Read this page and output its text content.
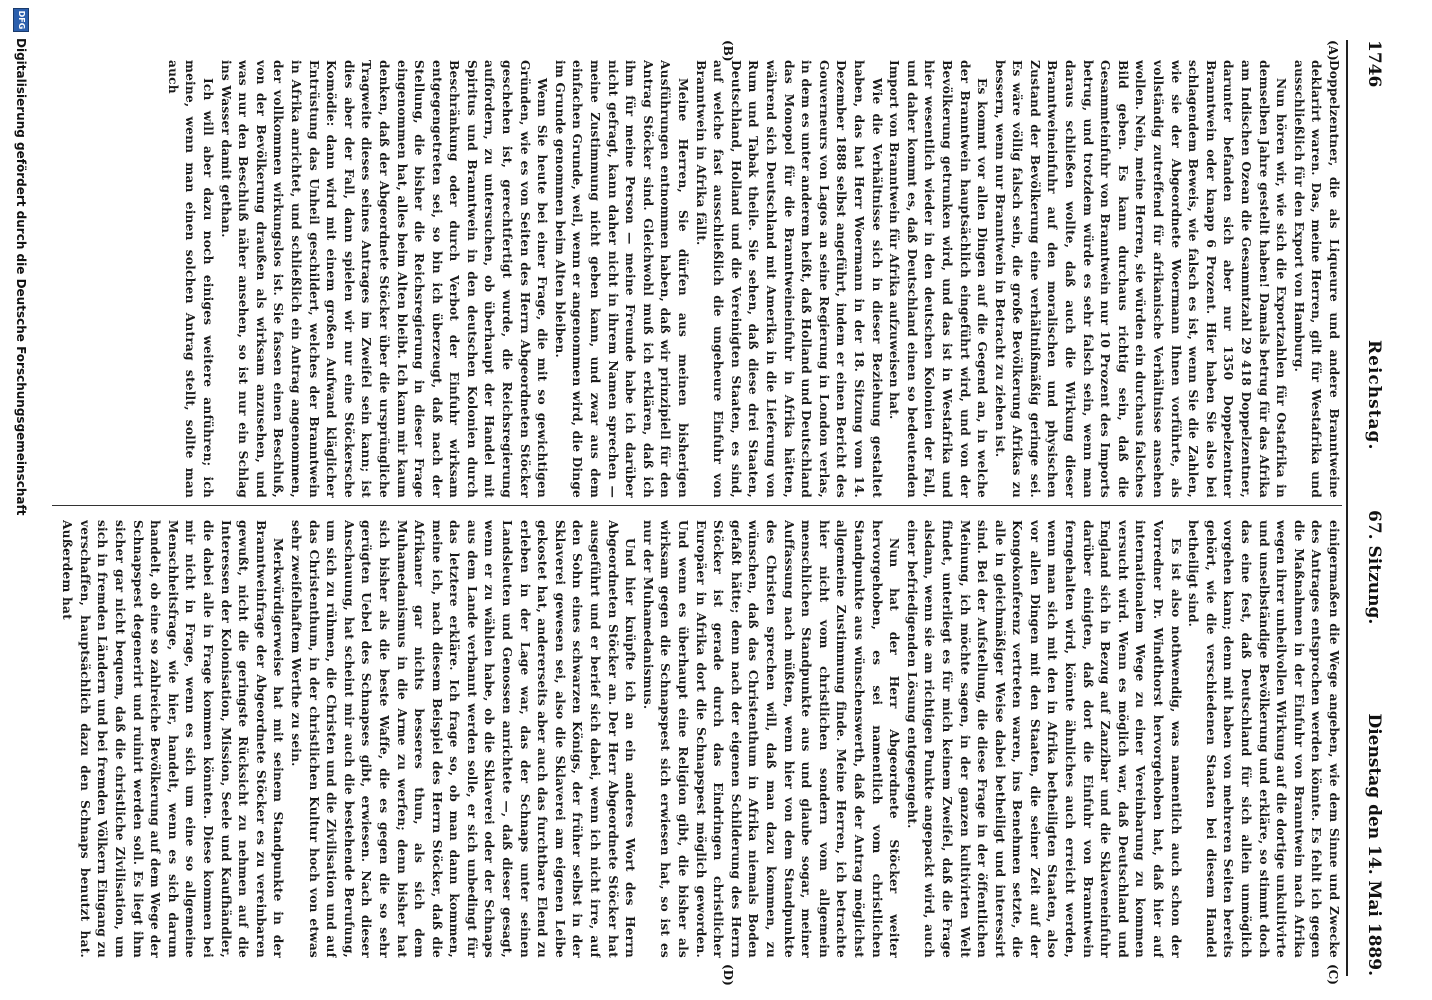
1746
Reichstag.
67. Sitzung.
Dienstag den 14. Mai 1889.
(A)
(B)
(C)
(D)

Doppelzentner, die als Liqueure und andere Branntweine deklarirt waren. Das, meine Herren, gilt für Westafrika und ausschließlich für den Export von Hamburg.

Nun hören wir, wie sich die Exportzahlen für Ostafrika in demselben Jahre gestellt haben! Damals betrug für das Afrika am Indischen Ozean die Gesammtzahl 29 418 Doppelzentner, darunter befanden sich aber nur 1350 Doppelzentner Branntwein oder knapp 6 Prozent. Hier haben Sie also bei schlagendem Beweis, wie falsch es ist, wenn Sie die Zahlen, wie sie der Abgeordnete Woermann Ihnen vorführte, als vollständig zutreffend für afrikanische Verhältnisse ansehen wollen. Nein, meine Herren, sie würden ein durchaus falsches Bild geben. Es kann durchaus richtig sein, daß die Gesammteinfuhr von Branntwein nur 10 Prozent des Imports betrug, und trotzdem würde es sehr falsch sein, wenn man daraus schließen wollte, daß auch die Wirkung dieser Branntweineinfuhr auf den moralischen und physischen Zustand der Bevölkerung eine verhältnißmäßig geringe sei. Es wäre völlig falsch sein, die große Bevölkerung Afrikas zu bessern, wenn nur Branntwein in Betracht zu ziehen ist.

Es kommt vor allen Dingen auf die Gegend an, in welche der Branntwein hauptsächlich eingeführt wird, und von der Bevölkerung getrunken wird, und das ist in Westafrika und hier wesentlich wieder in den deutschen Kolonien der Fall, und daher kommt es, daß Deutschland einen so bedeutenden Import von Branntwein für Afrika aufzuweisen hat.

Wie die Verhältnisse sich in dieser Beziehung gestaltet haben, das hat Herr Woermann in der 18. Sitzung vom 14. Dezember 1888 selbst angeführt, indem er einen Bericht des Gouverneurs von Lagos an seine Regierung in London verlas, in dem es unter anderem heißt, daß Holland und Deutschland das Monopol für die Branntweineinfuhr in Afrika hätten, während sich Deutschland mit Amerika in die Lieferung von Rum und Tabak theile. Sie sehen, daß diese drei Staaten, Deutschland, Holland und die Vereinigten Staaten, es sind, auf welche fast ausschließlich die ungeheure Einfuhr von Branntwein in Afrika fällt.

Meine Herren, Sie dürfen aus meinen bisherigen Ausführungen entnommen haben, daß wir prinzipiell für den Antrag Stöcker sind. Gleichwohl muß ich erklären, daß ich ihm für meine Person — meine Freunde habe ich darüber nicht gefragt, kann daher nicht in ihrem Namen sprechen — meine Zustimmung nicht geben kann, und zwar aus dem einfachen Grunde, weil, wenn er angenommen wird, die Dinge im Grunde genommen beim Alten bleiben.

Wenn Sie heute bei einer Frage, die mit so gewichtigen Gründen, wie es von Seiten des Herrn Abgeordneten Stöcker geschehen ist, gerechtfertigt wurde, die Reichsregierung auffordern, zu untersuchen, ob überhaupt der Handel mit Spiritus und Branntwein in den deutschen Kolonien durch Beschränkung oder durch Verbot der Einfuhr wirksam entgegengetreten sei, so bin ich überzeugt, daß nach der Stellung, die bisher die Reichsregierung in dieser Frage eingenommen hat, alles beim Alten bleibt. Ich kann mir kaum denken, daß der Abgeordnete Stöcker über die ursprüngliche Tragweite dieses seines Antrages im Zweifel sein kann; ist dies aber der Fall, dann spielen wir nur eine Stöckersche Komödie: dann wird mit einem großen Aufwand kläglicher Entrüstung das Unheil geschildert, welches der Branntwein in Afrika anrichtet, und schließlich ein Antrag angenommen, der vollkommen wirkungslos ist. Sie fassen einen Beschluß, von der Bevölkerung draußen als wirksam anzusehen, und was nur den Beschluß näher ansehen, so ist nur ein Schlag ins Wasser damit gethan.

Ich will aber dazu noch einiges weitere anführen; ich meine, wenn man einen solchen Antrag stellt, sollte man auch

einigermaßen die Wege angeben, wie dem Sinne und Zwecke des Antrages entsprochen werden könnte. Es fehlt ich gegen die Maßnahmen in der Einfuhr von Branntwein nach Afrika wegen ihrer unheilvollen Wirkung auf die dortige unkultivirte und unselbständige Bevölkerung und erkläre, so stimmt doch das eine fest, daß Deutschland für sich allein unmöglich vorgehen kann; denn mit haben von mehreren Seiten bereits gehört, wie die verschiedenen Staaten bei diesem Handel betheiligt sind.

Es ist also nothwendig, was namentlich auch schon der Vorredner Dr. Windthorst hervorgehoben hat, daß hier auf internationalem Wege zu einer Vereinbarung zu kommen versucht wird. Wenn es möglich war, daß Deutschland und England sich in Bezug auf Zanzibar und die Sklaveneinfuhr darüber einigten, daß dort die Einfuhr von Branntwein ferngehalten wird, könnte ähnliches auch erreicht werden, wenn man sich mit den in Afrika betheiligten Staaten, also vor allen Dingen mit den Staaten, die seiner Zeit auf der Kongokonferenz vertreten waren, ins Benehmen setzte, die alle in gleichmäßiger Weise dabei betheiligt und interessirt sind. Bei der Aufstellung, die diese Frage in der öffentlichen Meinung, ich möchte sagen, in der ganzen kultivirten Welt findet, unterliegt es für mich keinem Zweifel, daß die Frage alsdann, wenn sie am richtigen Punkte angepackt wird, auch einer befriedigenden Lösung entgegengeht.

Nun hat der Herr Abgeordnete Stöcker weiter hervorgehoben, es sei namentlich vom christlichen Standpunkte aus wünschenswerth, daß der Antrag möglichst allgemeine Zustimmung finde. Meine Herren, ich betrachte hier nicht vom christlichen sondern vom allgemein menschlichen Standpunkte aus und glaube sogar, meiner Auffassung nach müßten, wenn hier von dem Standpunkte des Christen sprechen will, daß man dazu kommen, zu wünschen, daß das Christenthum in Afrika niemals Boden gefaßt hätte; denn nach der eigenen Schilderung des Herrn Stöcker ist gerade durch das Eindringen christlicher Europäer in Afrika dort die Schnapspest möglich geworden. Und wenn es überhaupt eine Religion gibt, die bisher als wirksam gegen die Schnapspest sich erwiesen hat, so ist es nur der Muhamedanismus.

Und hier knüpfte ich an ein anderes Wort des Herrn Abgeordneten Stöcker an. Der Herr Abgeordnete Stöcker hat ausgeführt und er berief sich dabei, wenn ich nicht irre, auf den Sohn eines schwarzen Königs, der früher selbst in der Sklaverei gewesen sei, also die Sklaverei am eigenen Leibe gekostet hat, andererseits aber auch das furchtbare Elend zu erleben in der Lage war, das der Schnaps unter seinen Landsleuten und Genossen anrichtete —, daß dieser gesagt, wenn er zu wählen habe, ob die Sklaverei oder der Schnaps aus dem Lande verbannt werden solle, er sich unbedingt für das letztere erkläre. Ich frage so, ob man dann kommen, meine ich, nach diesem Beispiel des Herrn Stöcker, daß die Afrikaner gar nichts besseres thun, als sich dem Muhamedanismus in die Arme zu werfen; denn bisher hat sich bisher als die beste Waffe, die es gegen die so sehr gerügten Uebel des Schnapses gibt, erwiesen. Nach dieser Anschauung, hat scheint mir auch die bestehende Berufung, um sich zu rühmen, die Christen und die Zivilisation und auf das Christenthum, in der christlichen Kultur hoch von etwas sehr zweifelhaftem Werthe zu sein.

Merkwürdigerweise hat mit seinem Standpunkte in der Branntweinfrage der Abgeordnete Stöcker es zu vereinbaren gewußt, nicht die geringste Rücksicht zu nehmen auf die Interessen der Kolonisation, Mission, Seele und Kaufhändler, die dabei alle in Frage kommen könnten. Diese kommen bei mir nicht in Frage, wenn es sich um eine so allgemeine Menschheitsfrage, wie hier, handelt, wenn es sich darum handelt, ob eine so zahlreiche Bevölkerung auf dem Wege der Schnapspest degenerirt und ruinirt werden soll. Es liegt ihm sicher gar nicht bequem, daß die christliche Zivilisation, um sich in fremden Ländern und bei fremden Völkern Eingang zu verschaffen, hauptsächlich dazu den Schnaps benutzt hat. Außerdem hat

DFG
Digitalisierung gefördert durch die Deutsche Forschungsgemeinschaft
